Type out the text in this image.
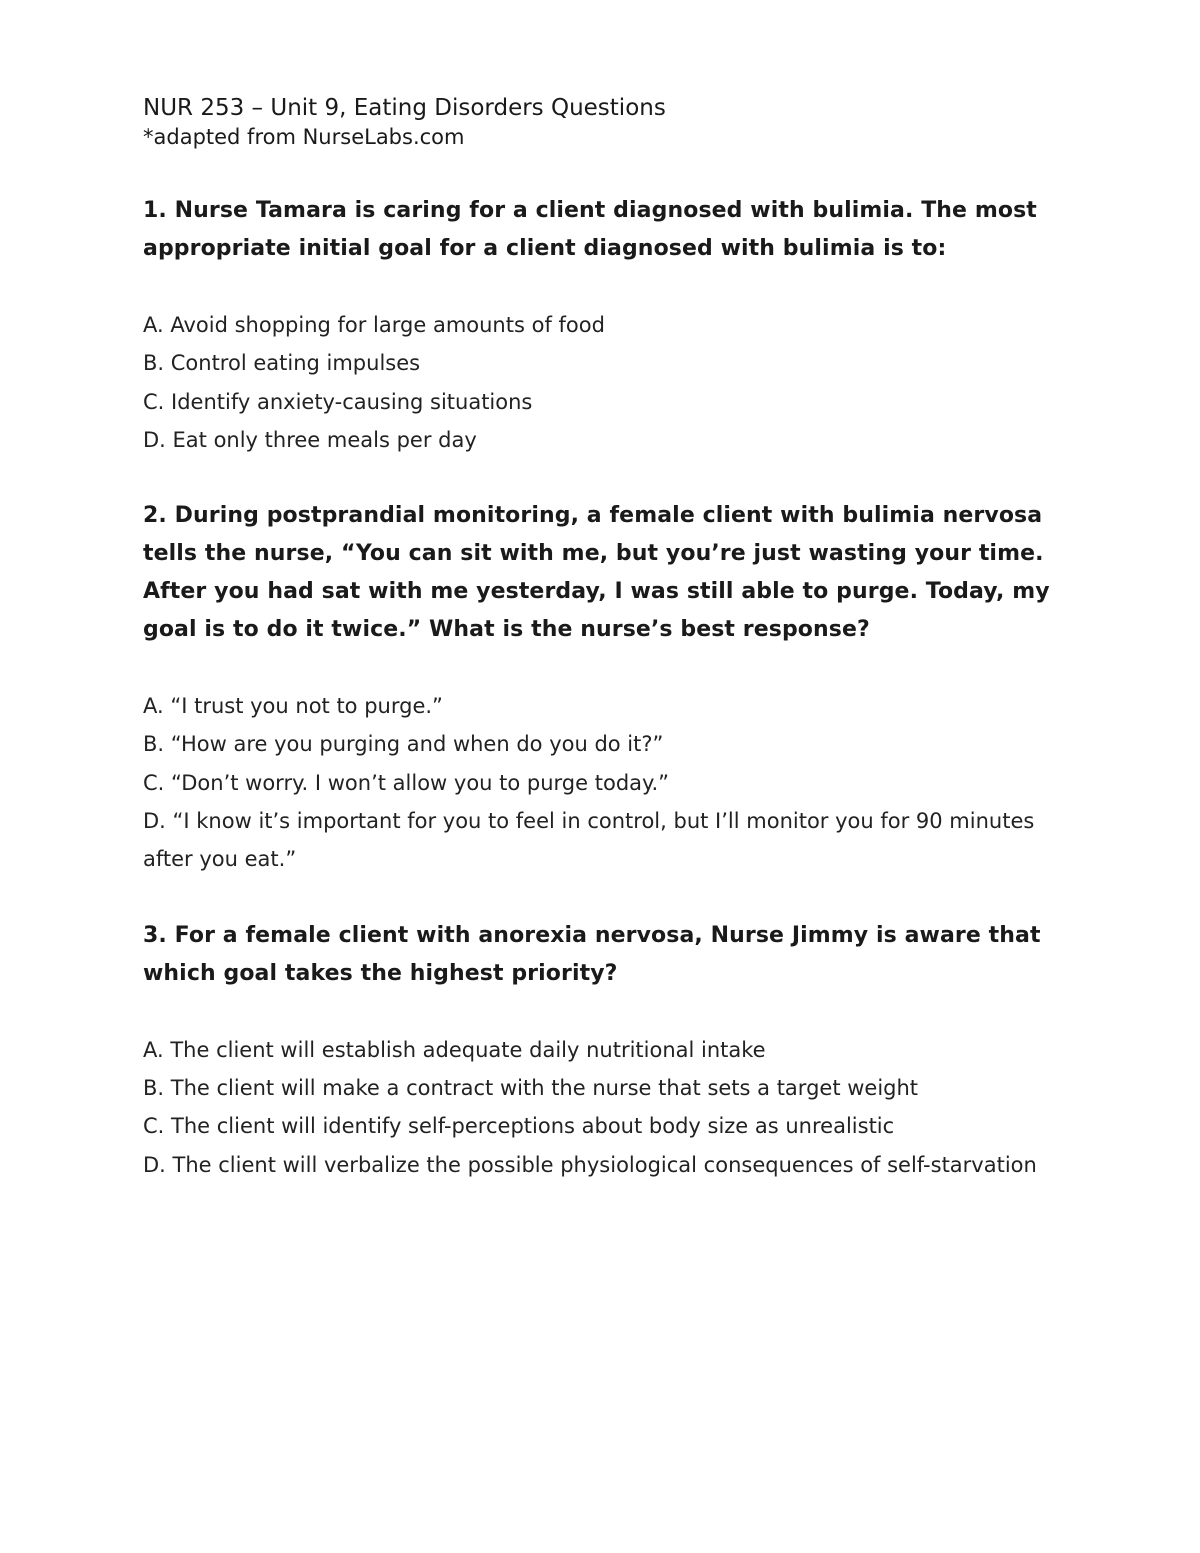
NUR 253 – Unit 9, Eating Disorders Questions
*adapted from NurseLabs.com

1. Nurse Tamara is caring for a client diagnosed with bulimia. The most appropriate initial goal for a client diagnosed with bulimia is to:

A. Avoid shopping for large amounts of food
B. Control eating impulses
C. Identify anxiety-causing situations
D. Eat only three meals per day

2. During postprandial monitoring, a female client with bulimia nervosa tells the nurse, “You can sit with me, but you’re just wasting your time. After you had sat with me yesterday, I was still able to purge. Today, my goal is to do it twice.” What is the nurse’s best response?

A. “I trust you not to purge.”
B. “How are you purging and when do you do it?”
C. “Don’t worry. I won’t allow you to purge today.”
D. “I know it’s important for you to feel in control, but I’ll monitor you for 90 minutes after you eat.”

3. For a female client with anorexia nervosa, Nurse Jimmy is aware that which goal takes the highest priority?

A. The client will establish adequate daily nutritional intake
B. The client will make a contract with the nurse that sets a target weight
C. The client will identify self-perceptions about body size as unrealistic
D. The client will verbalize the possible physiological consequences of self-starvation
